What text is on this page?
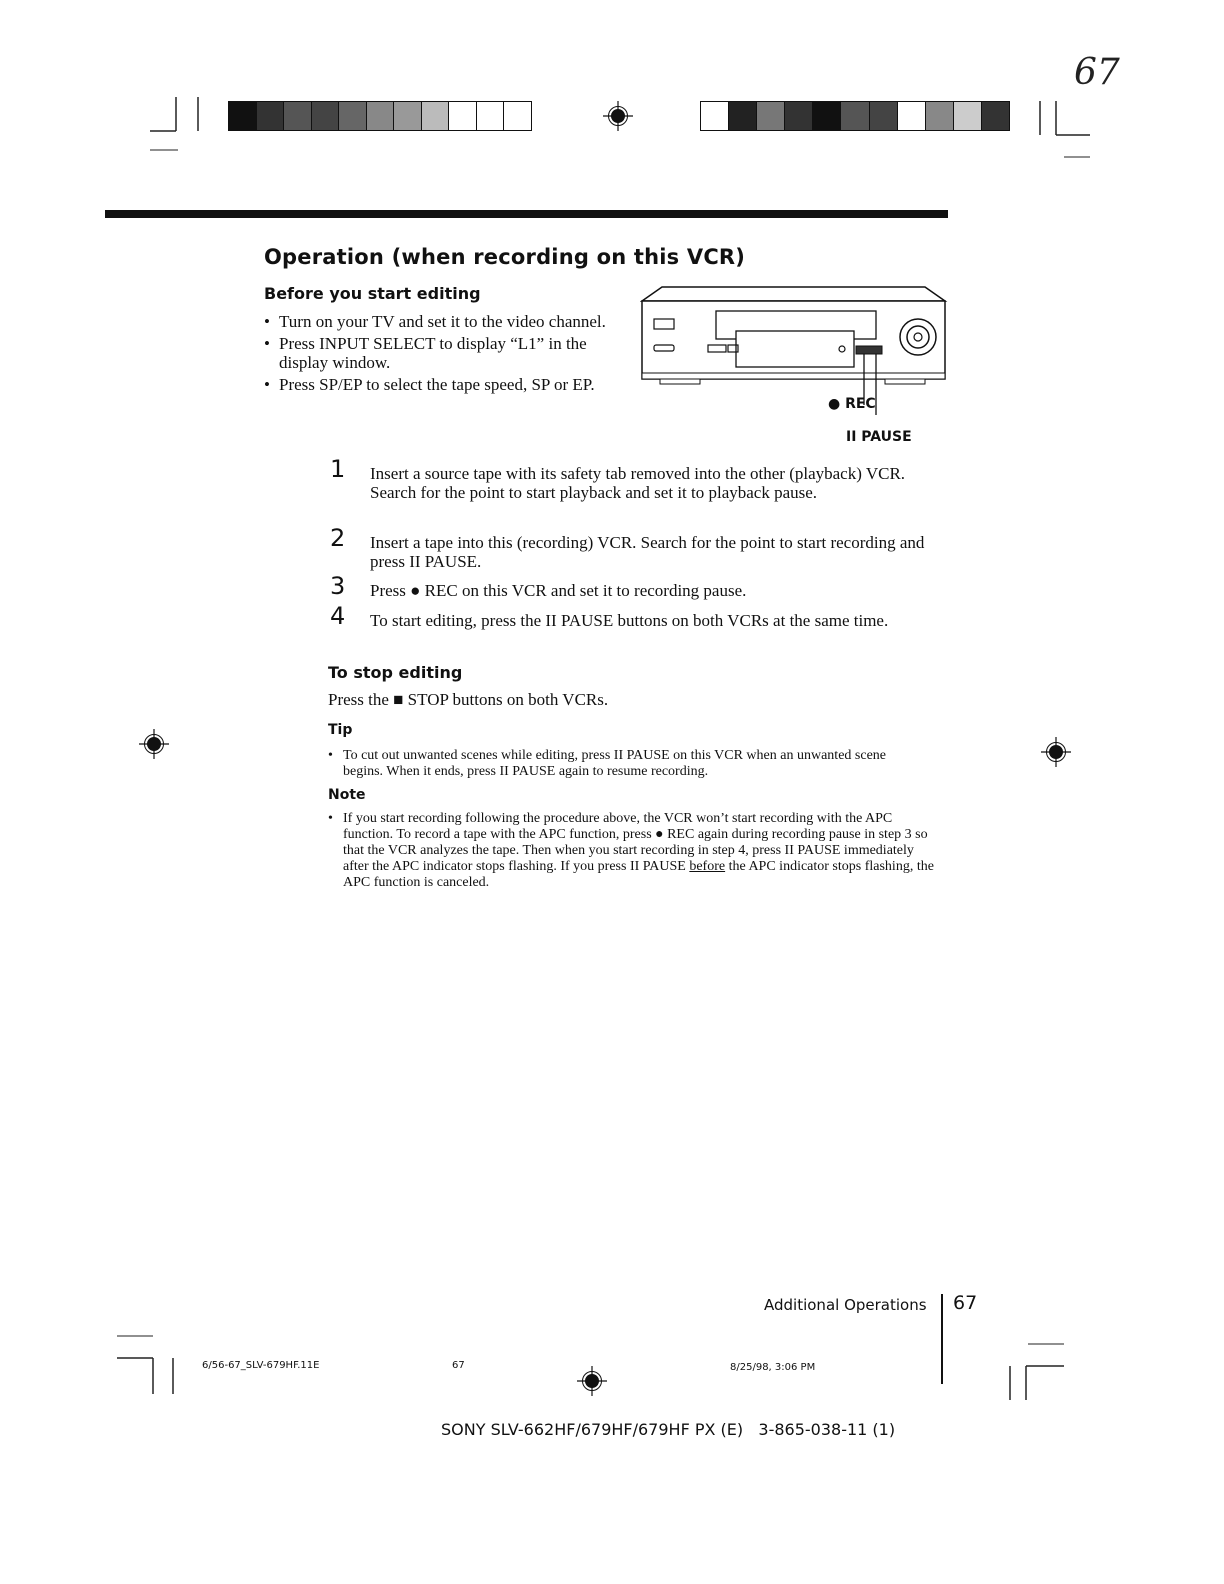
67
Operation (when recording on this VCR)
Before you start editing
• Turn on your TV and set it to the video channel.
• Press INPUT SELECT to display “L1” in the display window.
• Press SP/EP to select the tape speed, SP or EP.
● REC
II PAUSE
1 Insert a source tape with its safety tab removed into the other (playback) VCR. Search for the point to start playback and set it to playback pause.
2 Insert a tape into this (recording) VCR. Search for the point to start recording and press II PAUSE.
3 Press ● REC on this VCR and set it to recording pause.
4 To start editing, press the II PAUSE buttons on both VCRs at the same time.
To stop editing
Press the ■ STOP buttons on both VCRs.
Tip
• To cut out unwanted scenes while editing, press II PAUSE on this VCR when an unwanted scene begins. When it ends, press II PAUSE again to resume recording.
Note
• If you start recording following the procedure above, the VCR won’t start recording with the APC function. To record a tape with the APC function, press ● REC again during recording pause in step 3 so that the VCR analyzes the tape. Then when you start recording in step 4, press II PAUSE immediately after the APC indicator stops flashing. If you press II PAUSE before the APC indicator stops flashing, the APC function is canceled.
Additional Operations 67
6/56-67_SLV-679HF.11E	67	8/25/98, 3:06 PM
SONY SLV-662HF/679HF/679HF PX (E)   3-865-038-11 (1)
